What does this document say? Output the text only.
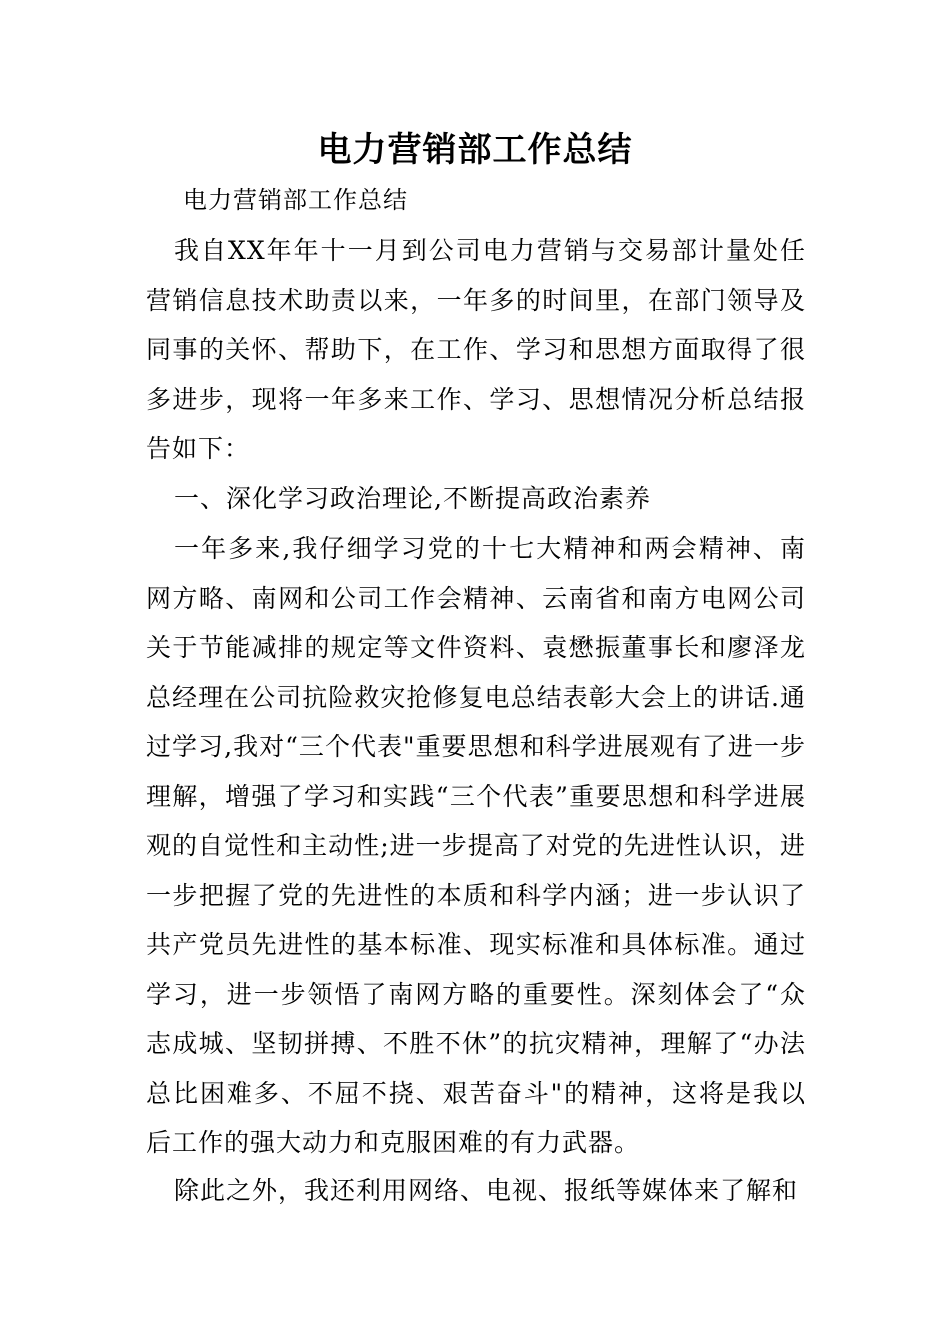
电力营销部工作总结
电力营销部工作总结

我自XX年年十一月到公司电力营销与交易部计量处任营销信息技术助责以来，一年多的时间里，在部门领导及同事的关怀、帮助下，在工作、学习和思想方面取得了很多进步，现将一年多来工作、学习、思想情况分析总结报告如下：

一、深化学习政治理论,不断提高政治素养

一年多来,我仔细学习党的十七大精神和两会精神、南网方略、南网和公司工作会精神、云南省和南方电网公司关于节能减排的规定等文件资料、袁懋振董事长和廖泽龙总经理在公司抗险救灾抢修复电总结表彰大会上的讲话.通过学习,我对“三个代表"重要思想和科学进展观有了进一步理解，增强了学习和实践“三个代表”重要思想和科学进展观的自觉性和主动性;进一步提高了对党的先进性认识，进一步把握了党的先进性的本质和科学内涵；进一步认识了共产党员先进性的基本标准、现实标准和具体标准。通过学习，进一步领悟了南网方略的重要性。深刻体会了“众志成城、坚韧拼搏、不胜不休”的抗灾精神，理解了“办法总比困难多、不屈不挠、艰苦奋斗"的精神，这将是我以后工作的强大动力和克服困难的有力武器。

除此之外，我还利用网络、电视、报纸等媒体来了解和
